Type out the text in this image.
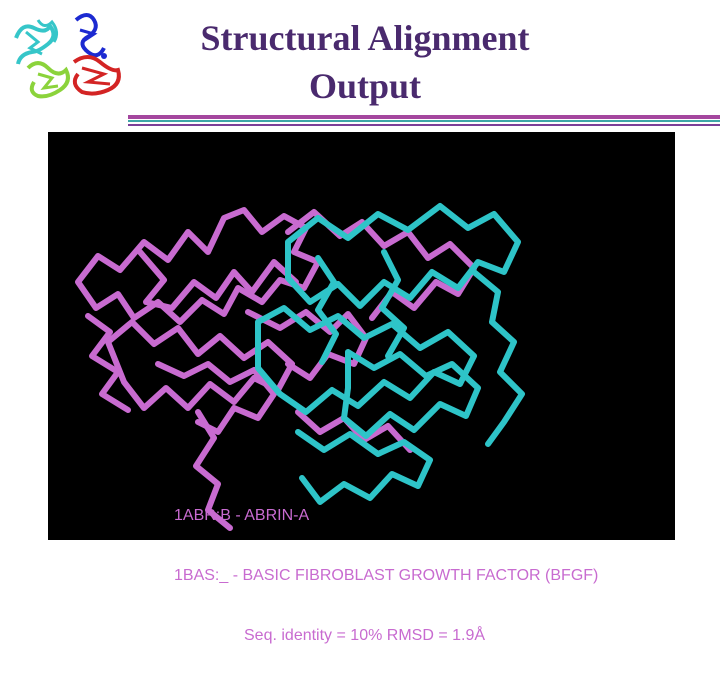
Structural Alignment
Output

1ABR:B - ABRIN-A

1BAS:_ - BASIC FIBROBLAST GROWTH FACTOR (BFGF)

Seq. identity = 10% RMSD = 1.9Å
